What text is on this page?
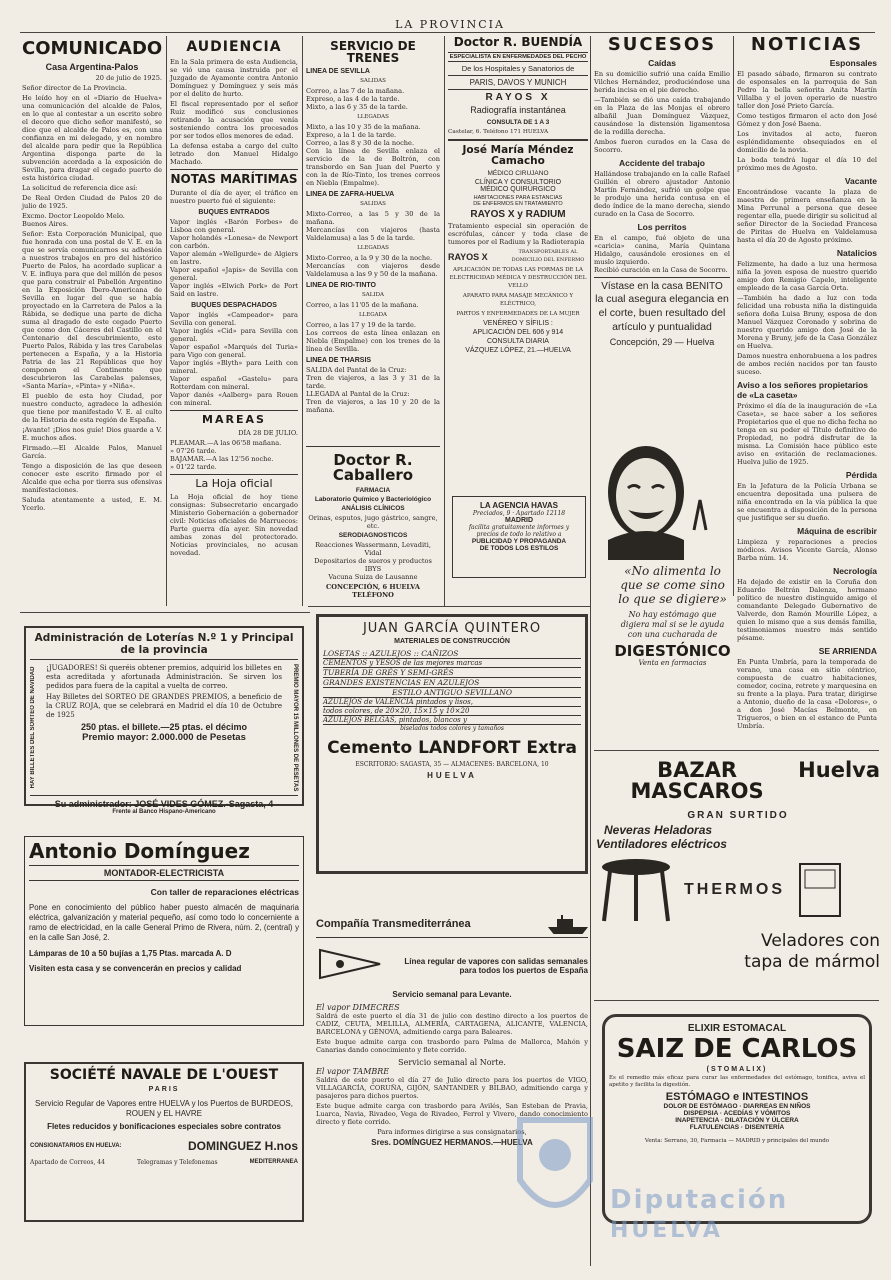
LA PROVINCIA
COMUNICADO
Casa Argentina-Palos
20 de julio de 1925.
Señor director de La Provincia.
He leído hoy en el «Diario de Huelva» una comunicación del alcalde de Palos, en lo que al contestar a un escrito sobre el decoro que dicho señor manifestó, se dice que el alcalde de Palos es, con una confianza en mi delegado, y en nombre del alcalde para pedir que la República Argentina disponga parte de la subvención acordada a la exposición de Sevilla, para dragar el cegado puerto de esta histórica ciudad.
La solicitud de referencia dice así:
De Real Orden Ciudad de Palos 20 de julio de 1925.
Excmo. Doctor Leopoldo Melo.
Buenos Aires.
Señor: Esta Corporación Municipal, que fue honrada con una postal de V. E. en la que se servía comunicarnos su adhesión a nuestros trabajos en pro del histórico Puerto de Palos, ha acordado suplicar a V. E. influya para que del millón de pesos que para construir el Pabellón Argentino en la Exposición Ibero-Americana de Sevilla en lugar del que se había proyectado en la Carretera de Palos a la Rábida, se dedique una parte de dicha suma al dragado de este cegado Puerto que como don Cáceres del Castillo en el Centenario del descubrimiento, este Puerto Palos, Rábida y las tres Carabelas pertenecen a España, y a la Historia Patria de las 21 Repúblicas que hoy componen el Continente que descubrieron las Carabelas palenses, «Santa María», «Pinta» y «Niña».
El pueblo de esta hoy Ciudad, por nuestro conducto, agradece la adhesión que tiene por manifestado V. E. al culto de la Historia de esta región de España.
¡Avante! ¡Dios nos guíe! Dios guarde a V. E. muchos años.
Firmado.—El Alcalde Palos, Manuel García.
Tengo a disposición de las que deseen conocer este escrito firmado por el Alcalde que echa por tierra sus ofensivas manifestaciones.
Saluda atentamente a usted, E. M. Ycerlo.
AUDIENCIA
En la Sala primera de esta Audiencia, se vió una causa instruida por el Juzgado de Ayamonte contra Antonio Domínguez y Domínguez y seis más por el delito de hurto.
El fiscal representado por el señor Ruiz modificó sus conclusiones retirando la acusación que venía sosteniendo contra los procesados por ser todos ellos menores de edad.
La defensa estaba a cargo del culto letrado don Manuel Hidalgo Machado.
NOTAS MARÍTIMAS
Durante el día de ayer, el tráfico en nuestro puerto fué el siguiente:
BUQUES ENTRADOS
Vapor inglés «Barón Forbes» de Lisboa con general.
Vapor holandés «Lonesa» de Newport con carbón.
Vapor alemán «Wellgurde» de Algiers en lastre.
Vapor español «Japis» de Sevilla con general.
Vapor inglés «Elwich Pork» de Port Said en lastre.
BUQUES DESPACHADOS
Vapor inglés «Campeador» para Sevilla con general.
Vapor inglés «Cid» para Sevilla con general.
Vapor español «Marqués del Turia» para Vigo con general.
Vapor inglés «Blyth» para Leith con mineral.
Vapor español «Gastelu» para Rotterdam con mineral.
Vapor danés «Aalberg» para Rouen con mineral.
MAREAS
DÍA 28 DE JULIO.
PLEAMAR.—A las 06'58 mañana.
» 07'26 tarde.
BAJAMAR.—A las 12'56 noche.
» 01'22 tarde.
La Hoja oficial
La Hoja oficial de hoy tiene consignas: Subsecretario encargado Ministerio Gobernación a gobernador civil: Noticias oficiales de Marruecos: Parte guerra día ayer. Sin novedad ambas zonas del protectorado. Noticias provinciales, no acusan novedad.
SERVICIO DE TRENES
LINEA DE SEVILLA
SALIDAS
Correo, a las 7 de la mañana.
Expreso, a las 4 de la tarde.
Mixto, a las 6 y 35 de la tarde.
LLEGADAS
Mixto, a las 10 y 35 de la mañana.
Expreso, a la 1 de la tarde.
Correo, a las 8 y 30 de la noche.
Con la línea de Sevilla enlaza el servicio de la de Boltrón, con transbordo en San Juan del Puerto y con la de Río-Tinto, los trenes correos en Niebla (Empalme).
LINEA DE ZAFRA-HUELVA
SALIDAS
Mixto-Correo, a las 5 y 30 de la mañana.
Mercancías con viajeros (hasta Valdelamusa) a las 5 de la tarde.
LLEGADAS
Mixto-Correo, a la 9 y 30 de la noche.
Mercancías con viajeros desde Valdelamusa a las 9 y 50 de la mañana.
LINEA DE RIO-TINTO
SALIDA
Correo, a las 11'05 de la mañana.
LLEGADA
Correo, a las 17 y 19 de la tarde.
Los correos de esta línea enlazan en Niebla (Empalme) con los trenes de la línea de Sevilla.
LINEA DE THARSIS
SALIDA del Pantal de la Cruz:
Tren de viajeros, a las 3 y 31 de la tarde.
LLEGADA al Pantal de la Cruz:
Tren de viajeros, a las 10 y 20 de la mañana.
Doctor R. Caballero
FARMACIA
Laboratorio Químico y Bacteriológico
ANÁLISIS CLÍNICOS
Orinas, esputos, jugo gástrico, sangre, etc.
SERODIAGNOSTICOS
Reacciones Wassermann, Levaditi, Vidal
Depositarios de sueros y productos IBYS
Vacuna Suiza de Lausanne
CONCEPCIÓN, 6 HUELVA TELÉFONO
Doctor R. BUENDÍA
ESPECIALISTA EN ENFERMEDADES DEL PECHO
De los Hospitales y Sanatorios de
PARIS, DAVOS Y MUNICH
RAYOS X
Radiografía instantánea
CONSULTA DE 1 A 3
Castelar, 6. Teléfono 171 HUELVA
José María Méndez Camacho
MÉDICO CIRUJANO
CLÍNICA Y CONSULTORIO
MÉDICO QUIRÚRGICO
HABITACIONES PARA ESTANCIAS
DE ENFERMOS EN TRATAMIENTO
RAYOS X y RADIUM
Tratamiento especial sin operación de escrófulas, cáncer y toda clase de tumores por el Radium y la Radioterapia
RAYOS X	TRANSPORTABLES AL DOMICILIO DEL ENFERMO
APLICACIÓN DE TODAS LAS FORMAS DE LA ELECTRICIDAD MÉDICA Y DESTRUCCIÓN DEL VELLO
APARATO PARA MASAJE MECÁNICO Y ELÉCTRICO,
PARTOS Y ENFERMEDADES DE LA MUJER
VENÉREO Y SÍFILIS :
APLICACIÓN DEL 606 y 914
CONSULTA DIARIA
VÁZQUEZ LÓPEZ, 21.—HUELVA
LA AGENCIA HAVAS
Preciados, 9 · Apartado 12118
MADRID
facilita gratuitamente informes y precios de todo lo relativo a
PUBLICIDAD Y PROPAGANDA
DE TODOS LOS ESTILOS
SUCESOS
Caídas
En su domicilio sufrió una caída Emilio Vilches Hernández, produciéndose una herida incisa en el pie derecho.
—También se dió una caída trabajando en la Plaza de las Monjas el obrero albañil Juan Domínguez Vázquez, causándose la distensión ligamentosa de la rodilla derecha.
Ambos fueron curados en la Casa de Socorro.
Accidente del trabajo
Hallándose trabajando en la calle Rafael Guillén el obrero ajustador Antonio Martín Fernández, sufrió un golpe que le produjo una herida contusa en el dedo índice de la mano derecha, siendo curado en la Casa de Socorro.
Los perritos
En el campo, fué objeto de una «caricia» canina, María Quintana Hidalgo, causándole erosiones en el muslo izquierdo.
Recibió curación en la Casa de Socorro.
Vístase en la casa BENITO
la cual asegura elegancia en el corte, buen resultado del artículo y puntualidad
Concepción, 29 — Huelva
«No alimenta lo que se come sino lo que se digiere»
No hay estómago que digiera mal si se le ayuda con una cucharada de
DIGESTÓNICO
Venta en farmacias
NOTICIAS
Esponsales
El pasado sábado, firmaron su contrato de esponsales en la parroquia de San Pedro la bella señorita Anita Martín Villalba y el joven operario de nuestro taller don José Prieto García.
Como testigos firmaron el acto don José Gómez y don José Baena.
Los invitados al acto, fueron espléndidamente obsequiados en el domicilio de la novia.
La boda tendrá lugar el día 10 del próximo mes de Agosto.
Vacante
Encontrándose vacante la plaza de maestra de primera enseñanza en la Mina Perrunal a persona que desee regentar ella, puede dirigir su solicitud al señor Director de la Sociedad Francesa de Piritas de Huelva en Valdelamusa hasta el día 20 de Agosto próximo.
Natalicios
Felizmente, ha dado a luz una hermosa niña la joven esposa de nuestro querido amigo don Remigio Capelo, inteligente empleado de la casa García Orta.
—También ha dado a luz con toda felicidad una robusta niña la distinguida señora doña Luisa Bruny, esposa de don Manuel Vázquez Coronado y sobrina de nuestro querido amigo don José de la Morena y Bruny, jefe de la Casa González en Huelva.
Damos nuestra enhorabuena a los padres de ambos recién nacidos por tan fausto suceso.
Aviso a los señores propietarios de «La caseta»
Próximo el día de la inauguración de «La Caseta», se hace saber a los señores Propietarios que el que no dicha fecha no tenga en su poder el Título definitivo de Propiedad, no podrá disfrutar de la misma. La Comisión hace público este aviso en evitación de reclamaciones. Huelva julio de 1925.
Pérdida
En la Jefatura de la Policía Urbana se encuentra depositada una pulsera de niña encontrada en la vía pública la que se encuentra a disposición de la persona que justifique ser su dueño.
Máquina de escribir
Limpieza y reparaciones a precios módicos. Avisos Vicente García, Alonso Barba núm. 14.
Necrología
Ha dejado de existir en la Coruña don Eduardo Beltrán Dalenza, hermano político de nuestro distinguido amigo el comandante Delegado Gubernativo de Valverde, don Ramón Mourille López, a quien lo mismo que a sus demás familia, testimoniamos nuestro más sentido pésame.
SE ARRIENDA
En Punta Umbría, para la temporada de verano, una casa en sitio céntrico, compuesta de cuatro habitaciones, comedor, cocina, retrete y marquesina en su frente a la playa. Para tratar, dirigirse a Antonio, dueño de la casa «Dolores», o a don José Macías Belmonte, en Trigueros, o bien en el estanco de Punta Umbría.
Administración de Loterías N.º 1 y Principal de la provincia
HAY BILLETES DEL SORTEO DE NAVIDAD	¡JUGADORES! Si queréis obtener premios, adquirid los billetes en esta acreditada y afortunada Administración. Se sirven los pedidos para fuera de la capital a vuelta de correo.
Hay Billetes del SORTEO DE GRANDES PREMIOS, a beneficio de la CRUZ ROJA, que se celebrará en Madrid el día 10 de Octubre de 1925
250 ptas. el billete.—25 ptas. el décimo
Premio mayor: 2.000.000 de Pesetas	PREMIO MAYOR 15 MILLONES DE PESETAS
Su administrador: JOSÉ VIDES GÓMEZ.-Sagasta, 4
Frente al Banco Hispano-Americano
Antonio Domínguez
MONTADOR-ELECTRICISTA
Con taller de reparaciones eléctricas
Pone en conocimiento del público haber puesto almacén de maquinaria eléctrica, galvanización y material pequeño, así como todo lo concerniente a ramo de electricidad, en la calle General Primo de Rivera, núm. 2, (central) y en la calle San José, 2.
Lámparas de 10 a 50 bujías a 1,75 Ptas. marcada A. D
Visiten esta casa y se convencerán en precios y calidad
SOCIÉTÉ NAVALE DE L'OUEST
PARIS
Servicio Regular de Vapores entre HUELVA y los Puertos de BURDEOS, ROUEN y EL HAVRE
Fletes reducidos y bonificaciones especiales sobre contratos
CONSIGNATARIOS EN HUELVA:	DOMINGUEZ H.nos
Apartado de Correos, 44	Telegramas y Telefonemas	MEDITERRANEA
JUAN GARCÍA QUINTERO
MATERIALES DE CONSTRUCCIÓN
LOSETAS :: AZULEJOS :: CAÑIZOS
CEMENTOS y YESOS de las mejores marcas
TUBERÍA DE GRÉS Y SEMI-GRÉS
GRANDES EXISTENCIAS EN AZULEJOS
ESTILO ANTIGUO SEVILLANO
AZULEJOS de VALENCIA pintados y lisos,
todos colores, de 20×20, 15×15 y 10×20
AZULEJOS BELGAS, pintados, blancos y
biselados todos colores y tamaños
Cemento LANDFORT Extra
ESCRITORIO: SAGASTA, 35 — ALMACENES: BARCELONA, 10
HUELVA
Compañía Transmediterránea
Línea regular de vapores con salidas semanales
para todos los puertos de España
Servicio semanal para Levante.
El vapor DIMECRES
Saldrá de este puerto el día 31 de julio con destino directo a los puertos de CADIZ, CEUTA, MELILLA, ALMERÍA, CARTAGENA, ALICANTE, VALENCIA, BARCELONA y GÉNOVA, admitiendo carga para Baleares.
Este buque admite carga con trasbordo para Palma de Mallorca, Mahón y Canarias dando conocimiento y flete corrido.
Servicio semanal al Norte.
El vapor TAMBRE
Saldrá de este puerto el día 27 de Julio directo para los puertos de VIGO, VILLAGARCÍA, CORUÑA, GIJÓN, SANTANDER y BILBAO, admitiendo carga y pasajeros para dichos puertos.
Este buque admite carga con trasbordo para Avilés, San Esteban de Pravia, Luarca, Navia, Rivadeo, Vega de Rivadeo, Ferrol y Vivero, dando conocimiento directo y flete corrido.
Para informes dirigirse a sus consignatarios,
Sres. DOMÍNGUEZ HERMANOS.—HUELVA
BAZAR MASCAROS
Huelva
GRAN SURTIDO
Neveras Heladoras
Ventiladores eléctricos
THERMOS
Veladores con
tapa de mármol
ELIXIR ESTOMACAL
SAIZ DE CARLOS
(STOMALIX)
Es el remedio más eficaz para curar las enfermedades del estómago, tonifica, aviva el apetito y facilita la digestión.
ESTÓMAGO e INTESTINOS
DOLOR DE ESTÓMAGO · DIARREAS EN NIÑOS
DISPEPSIA · ACEDÍAS Y VÓMITOS
INAPETENCIA · DILATACIÓN Y ÚLCERA
FLATULENCIAS · DISENTERÍA
Venta: Serrano, 30, Farmacia — MADRID y principales del mundo
Diputación
HUELVA
